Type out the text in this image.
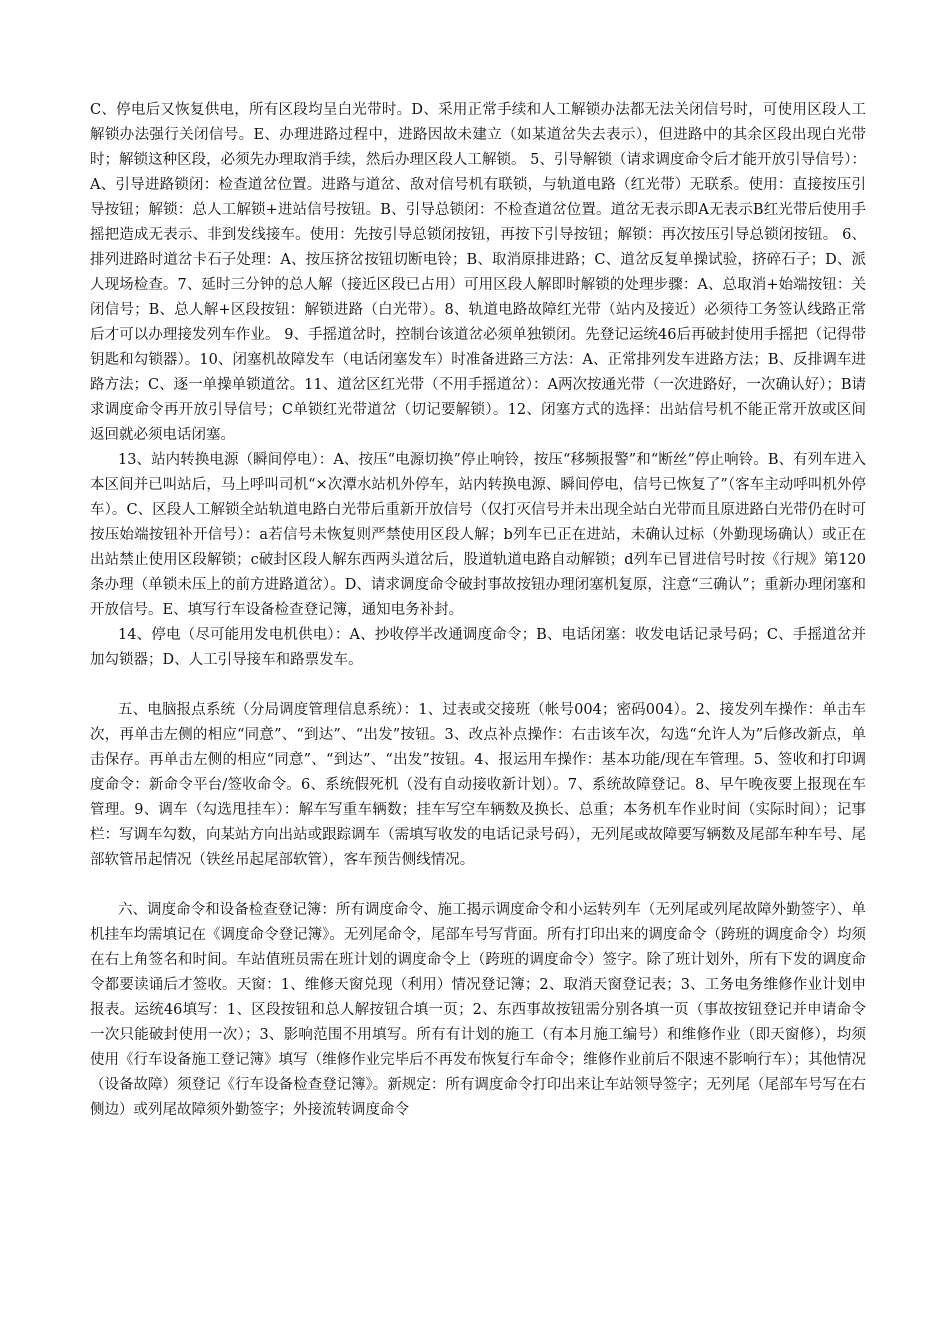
C、停电后又恢复供电，所有区段均呈白光带时。D、采用正常手续和人工解锁办法都无法关闭信号时，可使用区段人工解锁办法强行关闭信号。E、办理进路过程中，进路因故未建立（如某道岔失去表示），但进路中的其余区段出现白光带时；解锁这种区段，必须先办理取消手续，然后办理区段人工解锁。 5、引导解锁（请求调度命令后才能开放引导信号）：A、引导进路锁闭：检查道岔位置。进路与道岔、敌对信号机有联锁，与轨道电路（红光带）无联系。使用：直接按压引导按钮；解锁：总人工解锁+进站信号按钮。B、引导总锁闭：不检查道岔位置。道岔无表示即A无表示B红光带后使用手摇把造成无表示、非到发线接车。使用：先按引导总锁闭按钮，再按下引导按钮；解锁：再次按压引导总锁闭按钮。 6、排列进路时道岔卡石子处理：A、按压挤岔按钮切断电铃；B、取消原排进路；C、道岔反复单操试验，挤碎石子；D、派人现场检查。7、延时三分钟的总人解（接近区段已占用）可用区段人解即时解锁的处理步骤：A、总取消+始端按钮：关闭信号；B、总人解+区段按钮：解锁进路（白光带）。8、轨道电路故障红光带（站内及接近）必须待工务签认线路正常后才可以办理接发列车作业。 9、手摇道岔时，控制台该道岔必须单独锁闭。先登记运统46后再破封使用手摇把（记得带钥匙和勾锁器）。10、闭塞机故障发车（电话闭塞发车）时准备进路三方法：A、正常排列发车进路方法；B、反排调车进路方法；C、逐一单操单锁道岔。11、道岔区红光带（不用手摇道岔）：A两次按通光带（一次进路好，一次确认好）；B请求调度命令再开放引导信号；C单锁红光带道岔（切记要解锁）。12、闭塞方式的选择：出站信号机不能正常开放或区间返回就必须电话闭塞。

13、站内转换电源（瞬间停电）：A、按压“电源切换”停止响铃，按压“移频报警”和“断丝”停止响铃。B、有列车进入本区间并已叫站后，马上呼叫司机“×次潭水站机外停车，站内转换电源、瞬间停电，信号已恢复了”（客车主动呼叫机外停车）。C、区段人工解锁全站轨道电路白光带后重新开放信号（仅打灭信号并未出现全站白光带而且原进路白光带仍在时可按压始端按钮补开信号）：a若信号未恢复则严禁使用区段人解；b列车已正在进站，未确认过标（外勤现场确认）或正在出站禁止使用区段解锁；c破封区段人解东西两头道岔后，股道轨道电路自动解锁；d列车已冒进信号时按《行规》第120条办理（单锁未压上的前方进路道岔）。D、请求调度命令破封事故按钮办理闭塞机复原，注意“三确认”；重新办理闭塞和开放信号。E、填写行车设备检查登记簿，通知电务补封。

14、停电（尽可能用发电机供电）：A、抄收停半改通调度命令；B、电话闭塞：收发电话记录号码；C、手摇道岔并加勾锁器；D、人工引导接车和路票发车。

五、电脑报点系统（分局调度管理信息系统）：1、过表或交接班（帐号004；密码004）。2、接发列车操作：单击车次，再单击左侧的相应“同意”、“到达”、“出发”按钮。3、改点补点操作：右击该车次，勾选“允许人为”后修改新点，单击保存。再单击左侧的相应“同意”、“到达”、“出发”按钮。4、报运用车操作：基本功能/现在车管理。5、签收和打印调度命令：新命令平台/签收命令。6、系统假死机（没有自动接收新计划）。7、系统故障登记。8、早午晚夜要上报现在车管理。9、调车（勾选甩挂车）：解车写重车辆数；挂车写空车辆数及换长、总重；本务机车作业时间（实际时间）；记事栏：写调车勾数，向某站方向出站或跟踪调车（需填写收发的电话记录号码），无列尾或故障要写辆数及尾部车种车号、尾部软管吊起情况（铁丝吊起尾部软管），客车预告侧线情况。

六、调度命令和设备检查登记簿：所有调度命令、施工揭示调度命令和小运转列车（无列尾或列尾故障外勤签字）、单机挂车均需填记在《调度命令登记簿》。无列尾命令，尾部车号写背面。所有打印出来的调度命令（跨班的调度命令）均须在右上角签名和时间。车站值班员需在班计划的调度命令上（跨班的调度命令）签字。除了班计划外，所有下发的调度命令都要读诵后才签收。天窗：1、维修天窗兑现（利用）情况登记簿；2、取消天窗登记表；3、工务电务维修作业计划申报表。运统46填写：1、区段按钮和总人解按钮合填一页；2、东西事故按钮需分别各填一页（事故按钮登记并申请命令一次只能破封使用一次）；3、影响范围不用填写。所有有计划的施工（有本月施工编号）和维修作业（即天窗修），均须使用《行车设备施工登记簿》填写（维修作业完毕后不再发布恢复行车命令；维修作业前后不限速不影响行车）；其他情况（设备故障）须登记《行车设备检查登记簿》。新规定：所有调度命令打印出来让车站领导签字；无列尾（尾部车号写在右侧边）或列尾故障须外勤签字；外接流转调度命令
